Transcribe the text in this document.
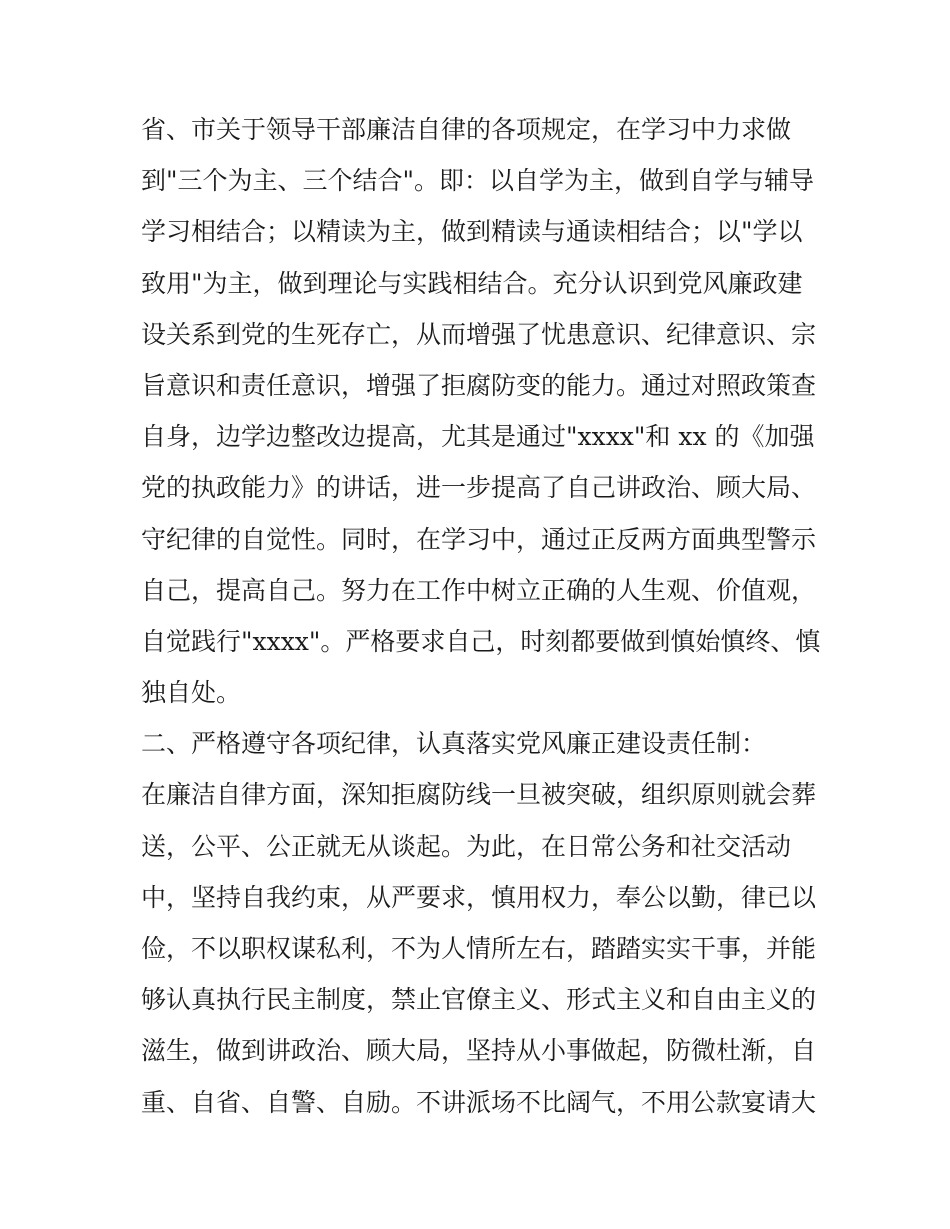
省、市关于领导干部廉洁自律的各项规定，在学习中力求做
到"三个为主、三个结合"。即：以自学为主，做到自学与辅导
学习相结合；以精读为主，做到精读与通读相结合；以"学以
致用"为主，做到理论与实践相结合。充分认识到党风廉政建
设关系到党的生死存亡，从而增强了忧患意识、纪律意识、宗
旨意识和责任意识，增强了拒腐防变的能力。通过对照政策查
自身，边学边整改边提高，尤其是通过"xxxx"和 xx 的《加强
党的执政能力》的讲话，进一步提高了自己讲政治、顾大局、
守纪律的自觉性。同时，在学习中，通过正反两方面典型警示
自己，提高自己。努力在工作中树立正确的人生观、价值观，
自觉践行"xxxx"。严格要求自己，时刻都要做到慎始慎终、慎
独自处。
二、严格遵守各项纪律，认真落实党风廉正建设责任制：
在廉洁自律方面，深知拒腐防线一旦被突破，组织原则就会葬
送，公平、公正就无从谈起。为此，在日常公务和社交活动
中，坚持自我约束，从严要求，慎用权力，奉公以勤，律已以
俭，不以职权谋私利，不为人情所左右，踏踏实实干事，并能
够认真执行民主制度，禁止官僚主义、形式主义和自由主义的
滋生，做到讲政治、顾大局，坚持从小事做起，防微杜渐，自
重、自省、自警、自励。不讲派场不比阔气，不用公款宴请大
